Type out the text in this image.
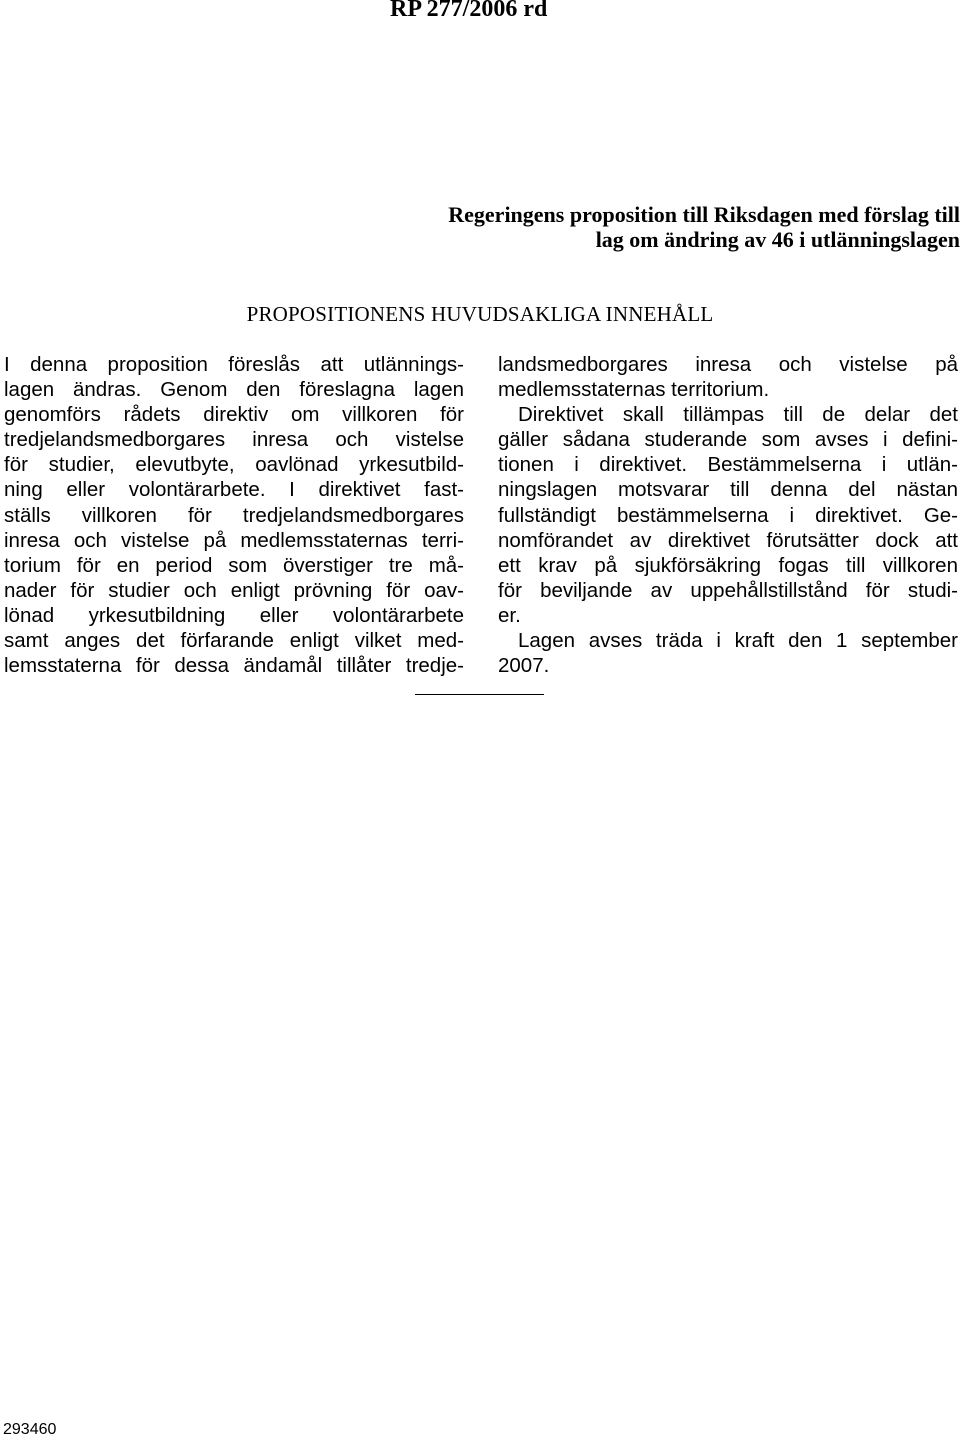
RP 277/2006 rd
Regeringens proposition till Riksdagen med förslag till
lag om ändring av 46 i utlänningslagen
PROPOSITIONENS HUVUDSAKLIGA INNEHÅLL
I denna proposition föreslås att utlännings-
lagen ändras. Genom den föreslagna lagen
genomförs rådets direktiv om villkoren för
tredjelandsmedborgares inresa och vistelse
för studier, elevutbyte, oavlönad yrkesutbild-
ning eller volontärarbete. I direktivet fast-
ställs villkoren för tredjelandsmedborgares
inresa och vistelse på medlemsstaternas terri-
torium för en period som överstiger tre må-
nader för studier och enligt prövning för oav-
lönad yrkesutbildning eller volontärarbete
samt anges det förfarande enligt vilket med-
lemsstaterna för dessa ändamål tillåter tredje-
landsmedborgares inresa och vistelse på
medlemsstaternas territorium.
Direktivet skall tillämpas till de delar det
gäller sådana studerande som avses i defini-
tionen i direktivet. Bestämmelserna i utlän-
ningslagen motsvarar till denna del nästan
fullständigt bestämmelserna i direktivet. Ge-
nomförandet av direktivet förutsätter dock att
ett krav på sjukförsäkring fogas till villkoren
för beviljande av uppehållstillstånd för studi-
er.
Lagen avses träda i kraft den 1 september
2007.
293460
